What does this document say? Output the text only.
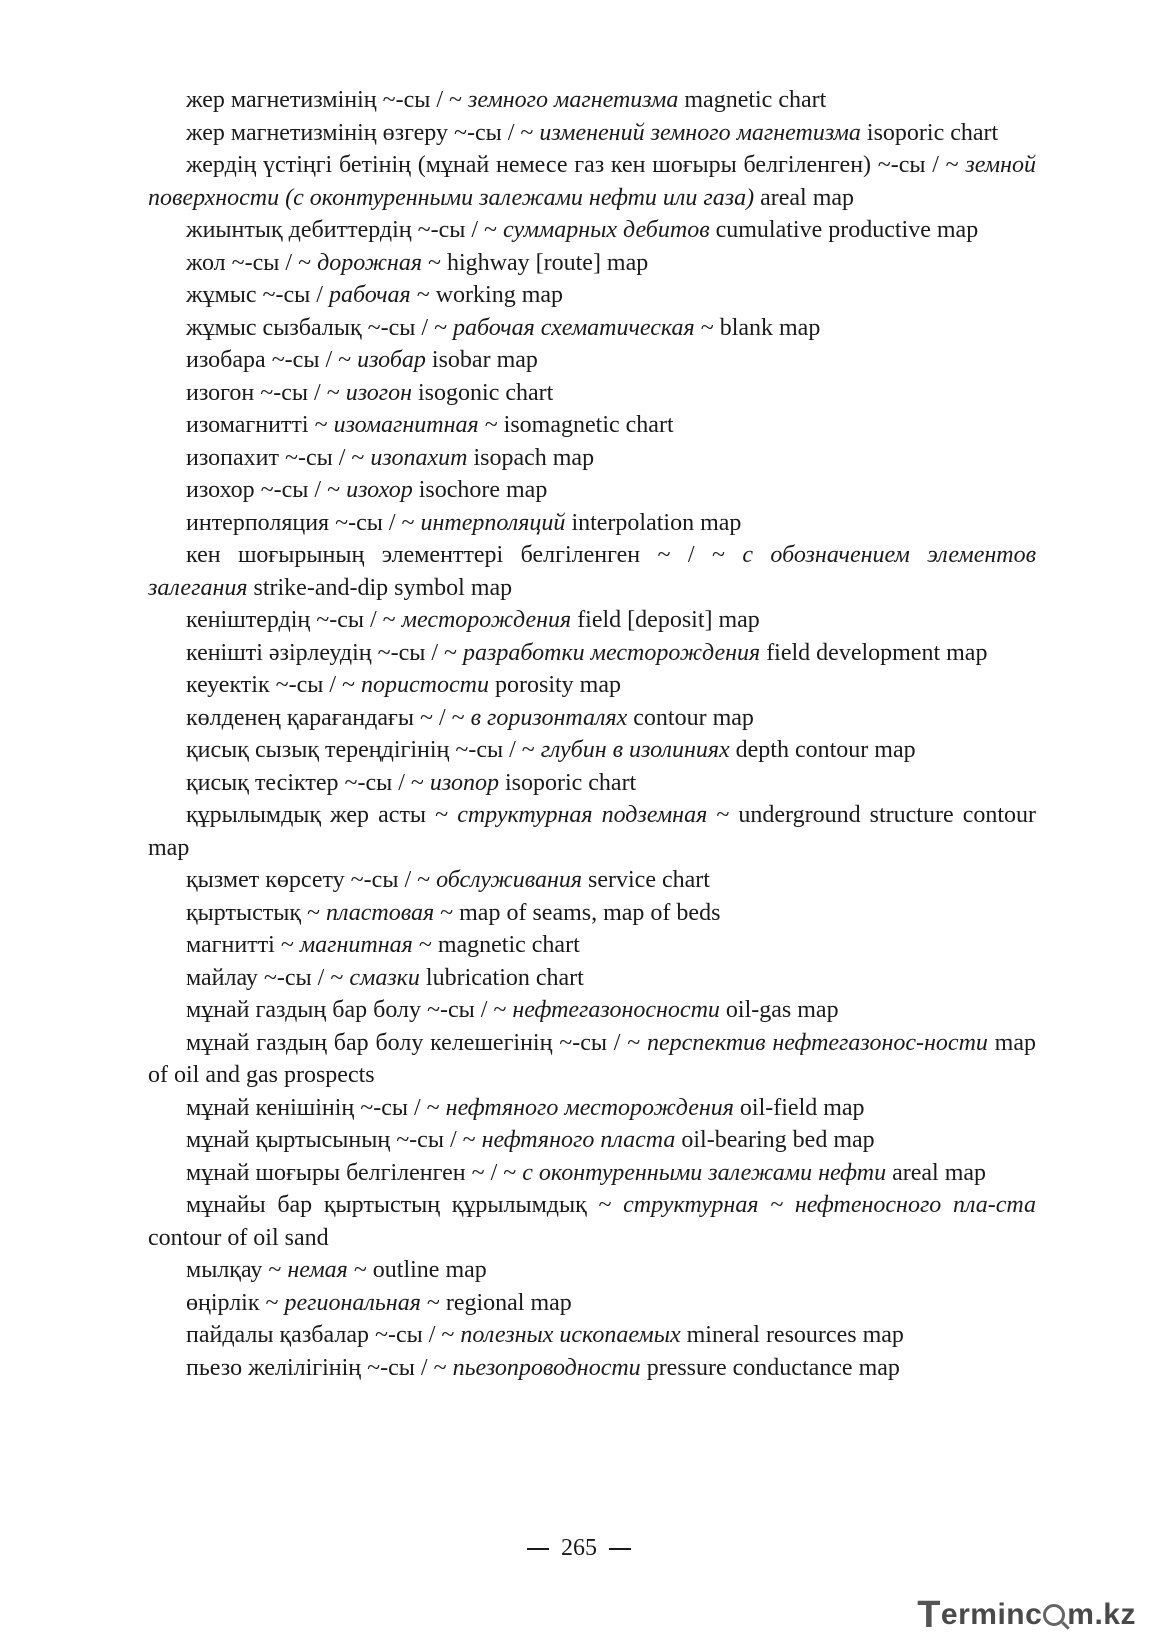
жер магнетизмінің ~-сы / ~ земного магнетизма magnetic chart

жер магнетизмінің өзгеру ~-сы / ~ изменений земного магнетизма isoporic chart

жердің үстіңгі бетінің (мұнай немесе газ кен шоғыры белгіленген) ~-сы / ~ земной поверхности (с оконтуренными залежами нефти или газа) areal map

жиынтық дебиттердің ~-сы / ~ суммарных дебитов cumulative productive map

жол ~-сы / ~ дорожная ~ highway [route] map

жұмыс ~-сы / рабочая ~ working map

жұмыс сызбалық ~-сы / ~ рабочая схематическая ~ blank map

изобара ~-сы / ~ изобар isobar map

изогон ~-сы / ~ изогон isogonic chart

изомагнитті ~ изомагнитная ~ isomagnetic chart

изопахит ~-сы / ~ изопахит isopach map

изохор ~-сы / ~ изохор isochore map

интерполяция ~-сы / ~ интерполяций interpolation map

кен шоғырының элементтері белгіленген ~ / ~ с обозначением элементов залегания strike-and-dip symbol map

кеніштердің ~-сы / ~ месторождения field [deposit] map

кеніштi әзiрлеудің ~-сы / ~ разработки месторождения field development map

кеуектік ~-сы / ~ пористости porosity map

көлденең қарағандағы ~ / ~ в горизонталях contour map

қисық сызық тереңдігінің ~-сы / ~ глубин в изолиниях depth contour map

қисық тесіктер ~-сы / ~ изопор isoporic chart

құрылымдық жер асты ~ структурная подземная ~ underground structure contour map

қызмет көрсету ~-сы / ~ обслуживания service chart

қыртыстық ~ пластовая ~ map of seams, map of beds

магнитті ~ магнитная ~ magnetic chart

майлау ~-сы / ~ смазки lubrication chart

мұнай газдың бар болу ~-сы / ~ нефтегазоносности oil-gas map

мұнай газдың бар болу келешегінің ~-сы / ~ перспектив нефтегазонос-ности map of oil and gas prospects

мұнай кенішінің ~-сы / ~ нефтяного месторождения oil-field map

мұнай қыртысының ~-сы / ~ нефтяного пласта oil-bearing bed map

мұнай шоғыры белгіленген ~ / ~ с оконтуренными залежами нефти areal map

мұнайы бар қыртыстың құрылымдық ~ структурная ~ нефтеносного пла-ста contour of oil sand

мылқау ~ немая ~ outline map

өңірлік ~ региональная ~ regional map

пайдалы қазбалар ~-сы / ~ полезных ископаемых mineral resources map

пьезо желілігінің ~-сы / ~ пьезопроводности pressure conductance map

265
T ermin c m.kz
